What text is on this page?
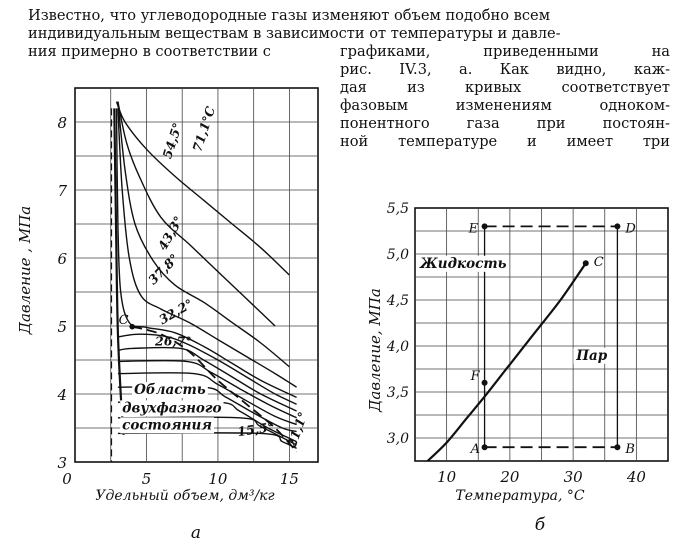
Известно, что углеводородные газы изменяют объем подобно всем
индивидуальным веществам в зависимости от температуры и давле-
ния примерно в соответствии с	графиками, приведенными на
рис. IV.3, а. Как видно, каж-
дая из кривых соответствует
фазовым изменениям одноком-
понентного газа при постоян-
ной температуре и имеет три
0	5	10	15
3
4
5
6
7
8
C
71,1°С
54,5°
43,3°
37,8°
32,2°
26,7°
15,5° 21,1°
Область
двухфазного
состояния
Давление , МПа
Удельный объем, дм³/кг
а
10	20	30	40
3,0
3,5
4,0
4,5
5,0
5,5
A	B
C
D
E
F
Жидкость
Пар
Давление, МПа
Температура, °С
б
